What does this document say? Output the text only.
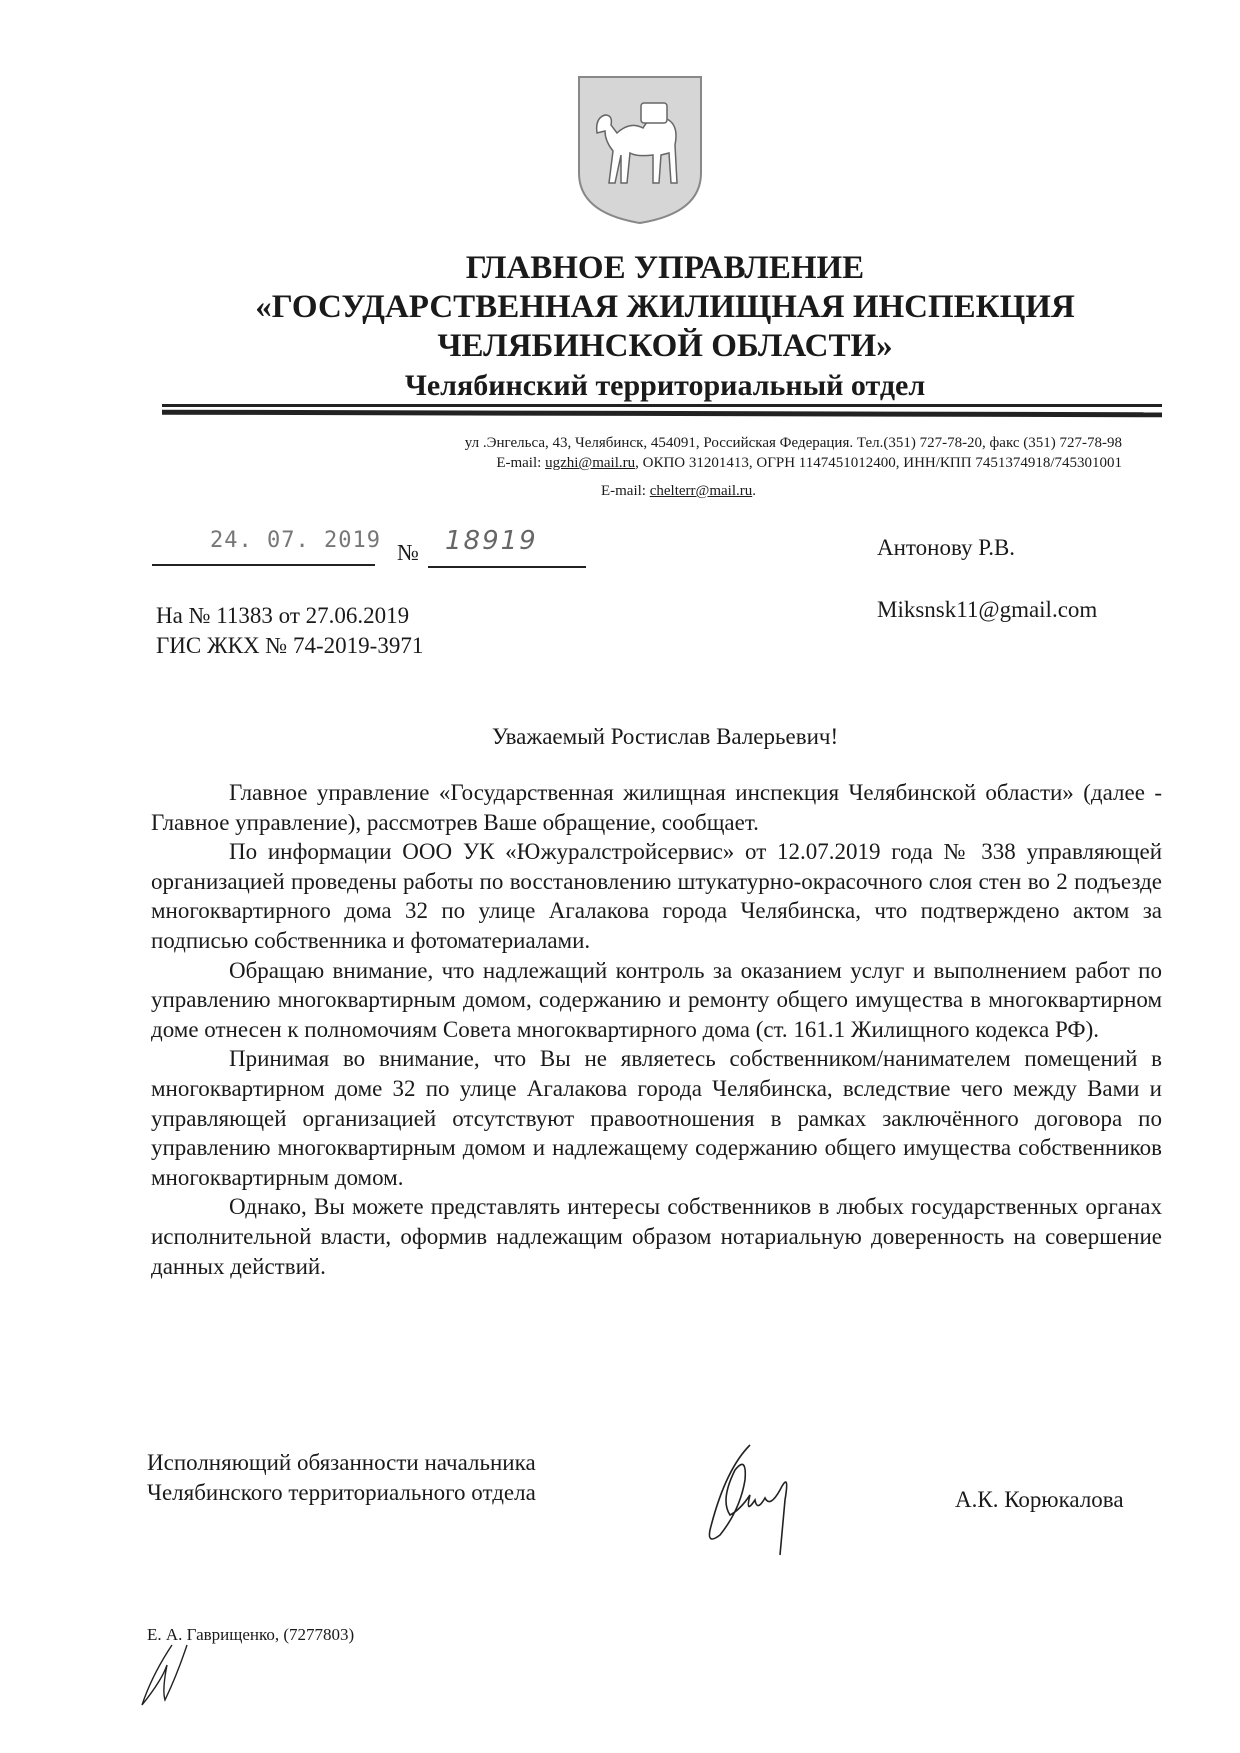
ГЛАВНОЕ УПРАВЛЕНИЕ
«ГОСУДАРСТВЕННАЯ ЖИЛИЩНАЯ ИНСПЕКЦИЯ
ЧЕЛЯБИНСКОЙ ОБЛАСТИ»
Челябинский территориальный отдел
ул .Энгельса, 43, Челябинск, 454091, Российская Федерация. Тел.(351) 727-78-20, факс (351) 727-78-98
E-mail: ugzhi@mail.ru, ОКПО 31201413, ОГРН 1147451012400, ИНН/КПП 7451374918/745301001
E-mail: chelterr@mail.ru.
24. 07. 2019 № 18919	Антонову Р.В.
Miksnsk11@gmail.com
На № 11383 от 27.06.2019
ГИС ЖКХ № 74-2019-3971
Уважаемый Ростислав Валерьевич!

Главное управление «Государственная жилищная инспекция Челябинской области» (далее - Главное управление), рассмотрев Ваше обращение, сообщает.

По информации ООО УК «Южуралстройсервис» от 12.07.2019 года № 338 управляющей организацией проведены работы по восстановлению штукатурно-окрасочного слоя стен во 2 подъезде многоквартирного дома 32 по улице Агалакова города Челябинска, что подтверждено актом за подписью собственника и фотоматериалами.

Обращаю внимание, что надлежащий контроль за оказанием услуг и выполнением работ по управлению многоквартирным домом, содержанию и ремонту общего имущества в многоквартирном доме отнесен к полномочиям Совета многоквартирного дома (ст. 161.1 Жилищного кодекса РФ).

Принимая во внимание, что Вы не являетесь собственником/нанимателем помещений в многоквартирном доме 32 по улице Агалакова города Челябинска, вследствие чего между Вами и управляющей организацией отсутствуют правоотношения в рамках заключённого договора по управлению многоквартирным домом и надлежащему содержанию общего имущества собственников многоквартирным домом.

Однако, Вы можете представлять интересы собственников в любых государственных органах исполнительной власти, оформив надлежащим образом нотариальную доверенность на совершение данных действий.

Исполняющий обязанности начальника
Челябинского территориального отдела	А.К. Корюкалова
Е. А. Гаврищенко, (7277803)
